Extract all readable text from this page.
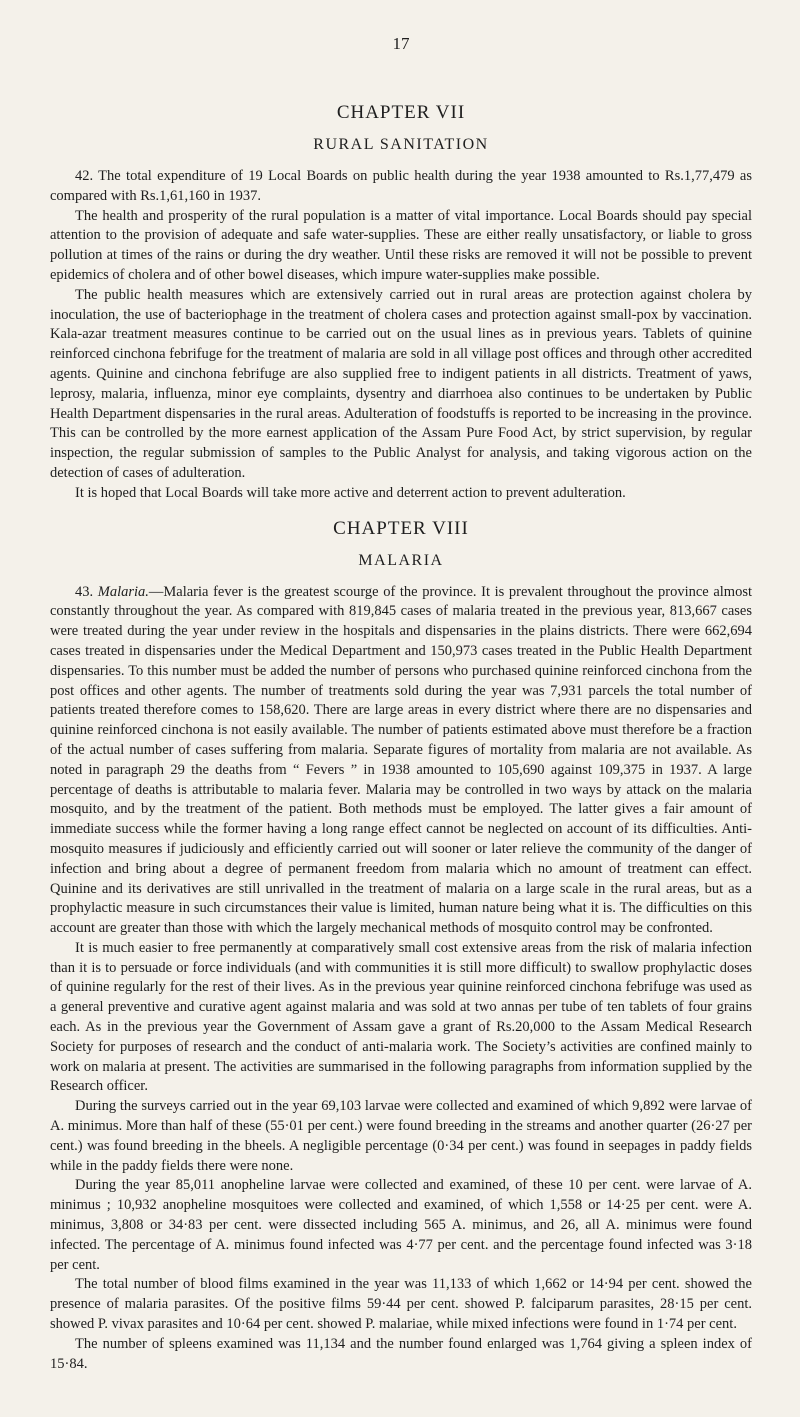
17
CHAPTER VII
RURAL SANITATION

42. The total expenditure of 19 Local Boards on public health during the year 1938 amounted to Rs.1,77,479 as compared with Rs.1,61,160 in 1937.

The health and prosperity of the rural population is a matter of vital importance. Local Boards should pay special attention to the provision of adequate and safe water-supplies. These are either really unsatisfactory, or liable to gross pollution at times of the rains or during the dry weather. Until these risks are removed it will not be possible to prevent epidemics of cholera and of other bowel diseases, which impure water-supplies make possible.

The public health measures which are extensively carried out in rural areas are protection against cholera by inoculation, the use of bacteriophage in the treatment of cholera cases and protection against small-pox by vaccination. Kala-azar treatment measures continue to be carried out on the usual lines as in previous years. Tablets of quinine reinforced cinchona febrifuge for the treatment of malaria are sold in all village post offices and through other accredited agents. Quinine and cinchona febrifuge are also supplied free to indigent patients in all districts. Treatment of yaws, leprosy, malaria, influenza, minor eye complaints, dysentry and diarrhoea also continues to be undertaken by Public Health Department dispensaries in the rural areas. Adulteration of foodstuffs is reported to be increasing in the province. This can be controlled by the more earnest application of the Assam Pure Food Act, by strict supervision, by regular inspection, the regular submission of samples to the Public Analyst for analysis, and taking vigorous action on the detection of cases of adulteration.

It is hoped that Local Boards will take more active and deterrent action to prevent adulteration.

CHAPTER VIII
MALARIA

43. Malaria.—Malaria fever is the greatest scourge of the province. It is prevalent throughout the province almost constantly throughout the year. As compared with 819,845 cases of malaria treated in the previous year, 813,667 cases were treated during the year under review in the hospitals and dispensaries in the plains districts. There were 662,694 cases treated in dispensaries under the Medical Department and 150,973 cases treated in the Public Health Department dispensaries. To this number must be added the number of persons who purchased quinine reinforced cinchona from the post offices and other agents. The number of treatments sold during the year was 7,931 parcels the total number of patients treated therefore comes to 158,620. There are large areas in every district where there are no dispensaries and quinine reinforced cinchona is not easily available. The number of patients estimated above must therefore be a fraction of the actual number of cases suffering from malaria. Separate figures of mortality from malaria are not available. As noted in paragraph 29 the deaths from “ Fevers ” in 1938 amounted to 105,690 against 109,375 in 1937. A large percentage of deaths is attributable to malaria fever. Malaria may be controlled in two ways by attack on the malaria mosquito, and by the treatment of the patient. Both methods must be employed. The latter gives a fair amount of immediate success while the former having a long range effect cannot be neglected on account of its difficulties. Anti-mosquito measures if judiciously and efficiently carried out will sooner or later relieve the community of the danger of infection and bring about a degree of permanent freedom from malaria which no amount of treatment can effect. Quinine and its derivatives are still unrivalled in the treatment of malaria on a large scale in the rural areas, but as a prophylactic measure in such circumstances their value is limited, human nature being what it is. The difficulties on this account are greater than those with which the largely mechanical methods of mosquito control may be confronted.

It is much easier to free permanently at comparatively small cost extensive areas from the risk of malaria infection than it is to persuade or force individuals (and with communities it is still more difficult) to swallow prophylactic doses of quinine regularly for the rest of their lives. As in the previous year quinine reinforced cinchona febrifuge was used as a general preventive and curative agent against malaria and was sold at two annas per tube of ten tablets of four grains each. As in the previous year the Government of Assam gave a grant of Rs.20,000 to the Assam Medical Research Society for purposes of research and the conduct of anti-malaria work. The Society’s activities are confined mainly to work on malaria at present. The activities are summarised in the following paragraphs from information supplied by the Research officer.

During the surveys carried out in the year 69,103 larvae were collected and examined of which 9,892 were larvae of A. minimus. More than half of these (55·01 per cent.) were found breeding in the streams and another quarter (26·27 per cent.) was found breeding in the bheels. A negligible percentage (0·34 per cent.) was found in seepages in paddy fields while in the paddy fields there were none.

During the year 85,011 anopheline larvae were collected and examined, of these 10 per cent. were larvae of A. minimus ; 10,932 anopheline mosquitoes were collected and examined, of which 1,558 or 14·25 per cent. were A. minimus, 3,808 or 34·83 per cent. were dissected including 565 A. minimus, and 26, all A. minimus were found infected. The percentage of A. minimus found infected was 4·77 per cent. and the percentage found infected was 3·18 per cent.

The total number of blood films examined in the year was 11,133 of which 1,662 or 14·94 per cent. showed the presence of malaria parasites. Of the positive films 59·44 per cent. showed P. falciparum parasites, 28·15 per cent. showed P. vivax parasites and 10·64 per cent. showed P. malariae, while mixed infections were found in 1·74 per cent.

The number of spleens examined was 11,134 and the number found enlarged was 1,764 giving a spleen index of 15·84.
